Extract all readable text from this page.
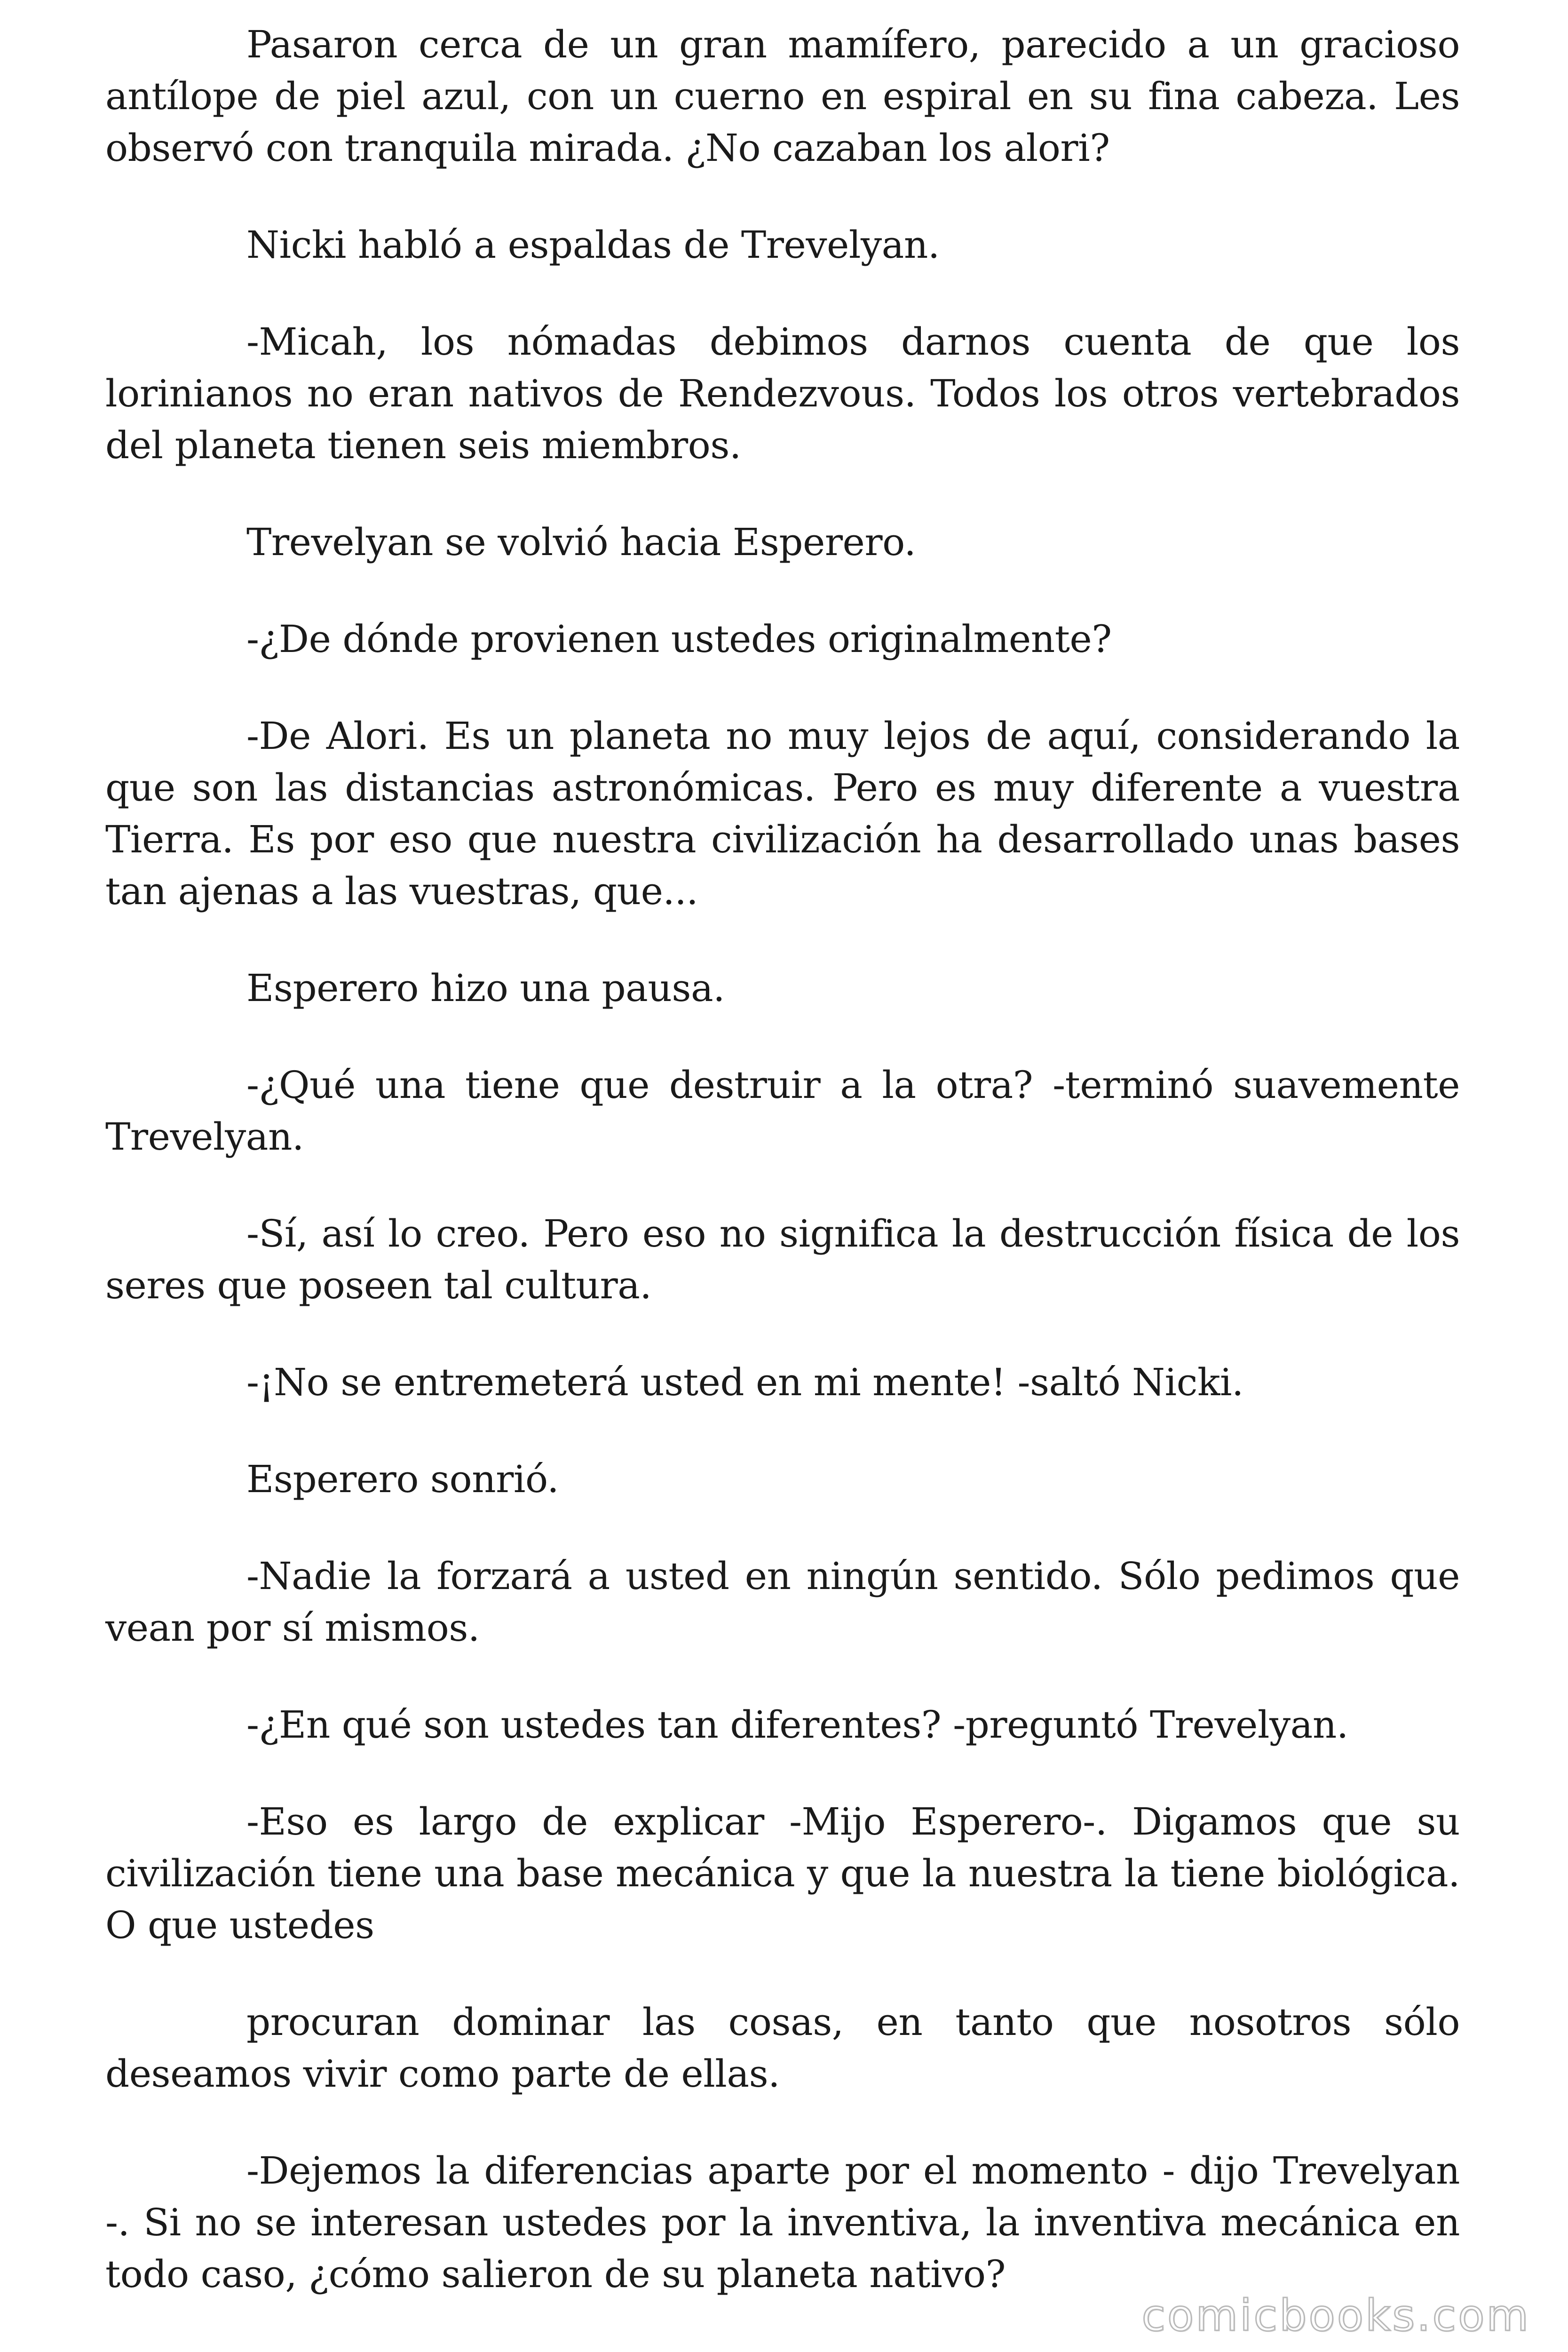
Pasaron cerca de un gran mamífero, parecido a un gracioso antílope de piel azul, con un cuerno en espiral en su fina cabeza. Les observó con tranquila mirada. ¿No cazaban los alori?

Nicki habló a espaldas de Trevelyan.

-Micah, los nómadas debimos darnos cuenta de que los lorinianos no eran nativos de Rendezvous. Todos los otros vertebrados del planeta tienen seis miembros.

Trevelyan se volvió hacia Esperero.

-¿De dónde provienen ustedes originalmente?

-De Alori. Es un planeta no muy lejos de aquí, considerando la que son las distancias astronómicas. Pero es muy diferente a vuestra Tierra. Es por eso que nuestra civilización ha desarrollado unas bases tan ajenas a las vuestras, que...

Esperero hizo una pausa.

-¿Qué una tiene que destruir a la otra? -terminó suavemente Trevelyan.

-Sí, así lo creo. Pero eso no significa la destrucción física de los seres que poseen tal cultura.

-¡No se entremeterá usted en mi mente! -saltó Nicki.

Esperero sonrió.

-Nadie la forzará a usted en ningún sentido. Sólo pedimos que vean por sí mismos.

-¿En qué son ustedes tan diferentes? -preguntó Trevelyan.

-Eso es largo de explicar -Mijo Esperero-. Digamos que su civilización tiene una base mecánica y que la nuestra la tiene biológica. O que ustedes

procuran dominar las cosas, en tanto que nosotros sólo deseamos vivir como parte de ellas.

-Dejemos la diferencias aparte por el momento - dijo Trevelyan -. Si no se interesan ustedes por la inventiva, la inventiva mecánica en todo caso, ¿cómo salieron de su planeta nativo?

comicbooks.com
